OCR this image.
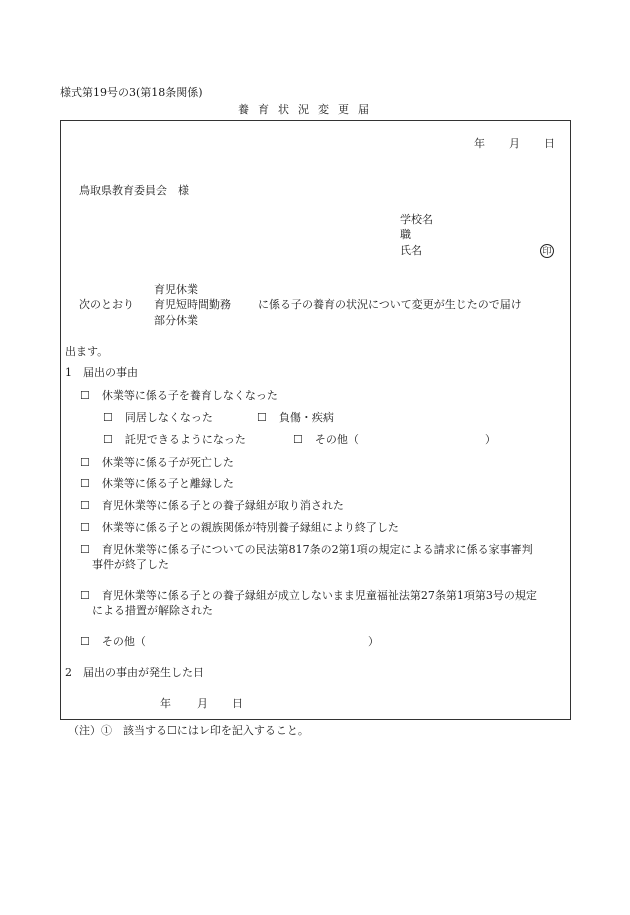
様式第19号の3(第18条関係)
養育状況変更届
年 月 日
鳥取県教育委員会　様
学校名
職
氏名	印
育児休業
次のとおり 育児短時間勤務 に係る子の養育の状況について変更が生じたので届け
部分休業
出ます。
1　届出の事由
☐ 休業等に係る子を養育しなくなった
☐ 同居しなくなった	☐ 負傷・疾病
☐ 託児できるようになった	☐ その他（	）
☐ 休業等に係る子が死亡した
☐ 休業等に係る子と離縁した
☐ 育児休業等に係る子との養子縁組が取り消された
☐ 休業等に係る子との親族関係が特別養子縁組により終了した
☐ 育児休業等に係る子についての民法第817条の2第1項の規定による請求に係る家事審判
事件が終了した
☐ 育児休業等に係る子との養子縁組が成立しないまま児童福祉法第27条第1項第3号の規定
による措置が解除された
☐ その他（	）
2　届出の事由が発生した日
年 月 日
（注）①　該当する☐にはレ印を記入すること。
